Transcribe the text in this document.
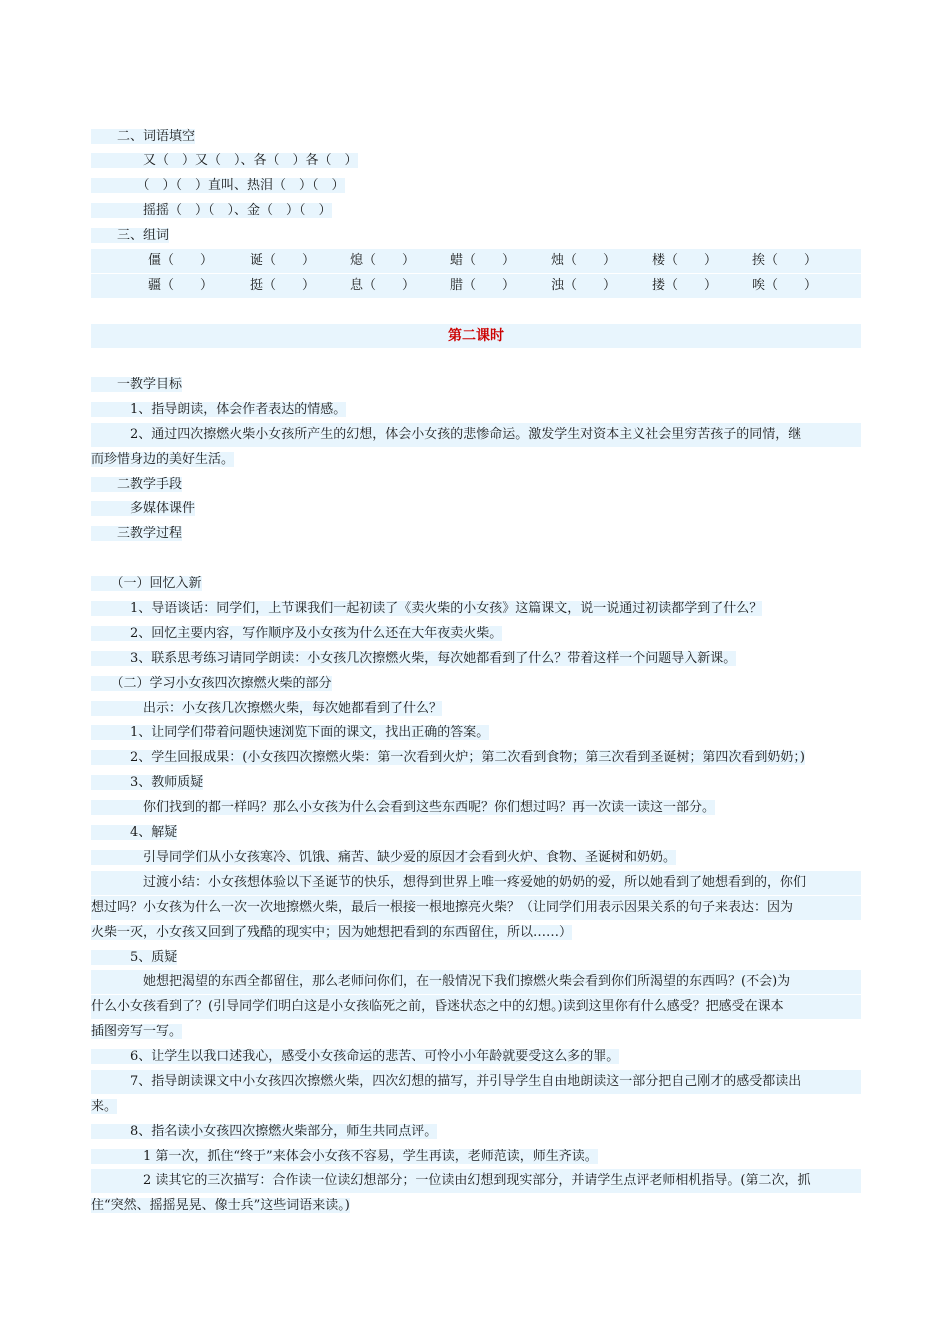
　　二、词语填空
　　　　又（　）又（　）、各（　）各（　）
　　　　（　）（　）直叫、热泪（　）（　）
　　　　摇摇（　）（　）、金（　）（　）
　　三、组词
僵（　　）	诞（　　）	熄（　　）	蜡（　　）	烛（　　）	楼（　　）	挨（　　）
疆（　　）	挺（　　）	息（　　）	腊（　　）	浊（　　）	搂（　　）	唉（　　）
第二课时
　　一教学目标
　　　1、指导朗读，体会作者表达的情感。
　　　2、通过四次擦燃火柴小女孩所产生的幻想，体会小女孩的悲惨命运。激发学生对资本主义社会里穷苦孩子的同情，继
而珍惜身边的美好生活。
　　二教学手段
　　　多媒体课件
　　三教学过程
　　（一）回忆入新
　　　1、导语谈话：同学们，上节课我们一起初读了《卖火柴的小女孩》这篇课文，说一说通过初读都学到了什么？
　　　2、回忆主要内容，写作顺序及小女孩为什么还在大年夜卖火柴。
　　　3、联系思考练习请同学朗读：小女孩几次擦燃火柴，每次她都看到了什么？带着这样一个问题导入新课。
　　（二）学习小女孩四次擦燃火柴的部分
　　　　出示：小女孩几次擦燃火柴，每次她都看到了什么？
　　　1、让同学们带着问题快速浏览下面的课文，找出正确的答案。
　　　2、学生回报成果：(小女孩四次擦燃火柴：第一次看到火炉；第二次看到食物；第三次看到圣诞树；第四次看到奶奶；)
　　　3、教师质疑
　　　　你们找到的都一样吗？那么小女孩为什么会看到这些东西呢？你们想过吗？再一次读一读这一部分。
　　　4、解疑
　　　　引导同学们从小女孩寒冷、饥饿、痛苦、缺少爱的原因才会看到火炉、食物、圣诞树和奶奶。
　　　　过渡小结：小女孩想体验以下圣诞节的快乐，想得到世界上唯一疼爱她的奶奶的爱，所以她看到了她想看到的，你们
想过吗？小女孩为什么一次一次地擦燃火柴，最后一根接一根地擦亮火柴？（让同学们用表示因果关系的句子来表达：因为
火柴一灭，小女孩又回到了残酷的现实中；因为她想把看到的东西留住，所以……）
　　　5、质疑
　　　　她想把渴望的东西全都留住，那么老师问你们，在一般情况下我们擦燃火柴会看到你们所渴望的东西吗？(不会)为
什么小女孩看到了？(引导同学们明白这是小女孩临死之前，昏迷状态之中的幻想。)读到这里你有什么感受？把感受在课本
插图旁写一写。
　　　6、让学生以我口述我心，感受小女孩命运的悲苦、可怜小小年龄就要受这么多的罪。
　　　7、指导朗读课文中小女孩四次擦燃火柴，四次幻想的描写，并引导学生自由地朗读这一部分把自己刚才的感受都读出
来。
　　　8、指名读小女孩四次擦燃火柴部分，师生共同点评。
　　　　1 第一次，抓住“终于”来体会小女孩不容易，学生再读，老师范读，师生齐读。
　　　　2 读其它的三次描写：合作读一位读幻想部分；一位读由幻想到现实部分，并请学生点评老师相机指导。(第二次，抓
住“突然、摇摇晃晃、像士兵”这些词语来读。)
